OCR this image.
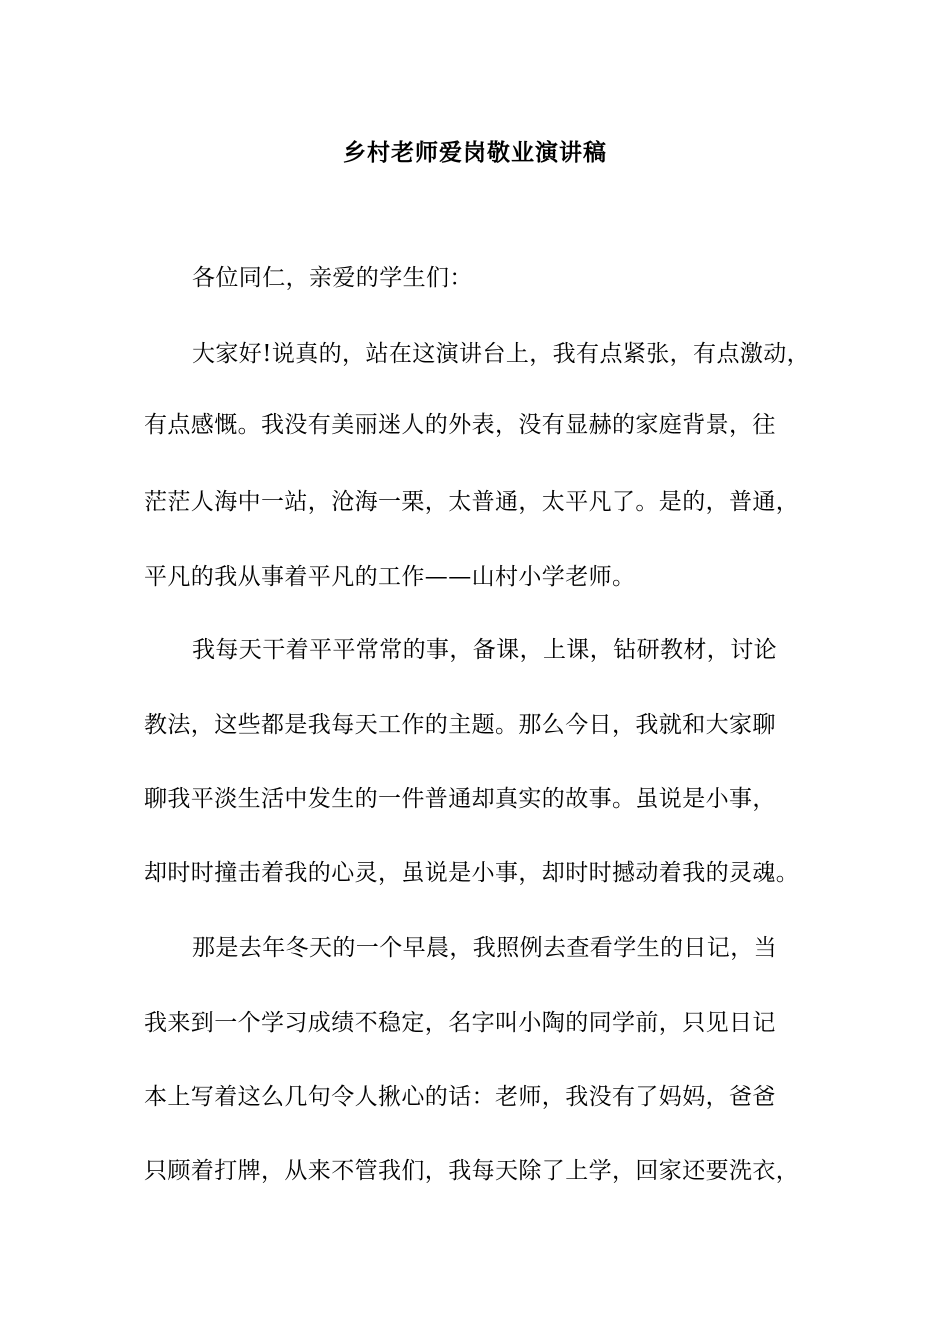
乡村老师爱岗敬业演讲稿
各位同仁，亲爱的学生们：
大家好!说真的，站在这演讲台上，我有点紧张，有点激动，
有点感慨。我没有美丽迷人的外表，没有显赫的家庭背景，往
茫茫人海中一站，沧海一栗，太普通，太平凡了。是的，普通，
平凡的我从事着平凡的工作——山村小学老师。
我每天干着平平常常的事，备课，上课，钻研教材，讨论
教法，这些都是我每天工作的主题。那么今日，我就和大家聊
聊我平淡生活中发生的一件普通却真实的故事。虽说是小事，
却时时撞击着我的心灵，虽说是小事，却时时撼动着我的灵魂。
那是去年冬天的一个早晨，我照例去查看学生的日记，当
我来到一个学习成绩不稳定，名字叫小陶的同学前，只见日记
本上写着这么几句令人揪心的话：老师，我没有了妈妈，爸爸
只顾着打牌，从来不管我们，我每天除了上学，回家还要洗衣，
